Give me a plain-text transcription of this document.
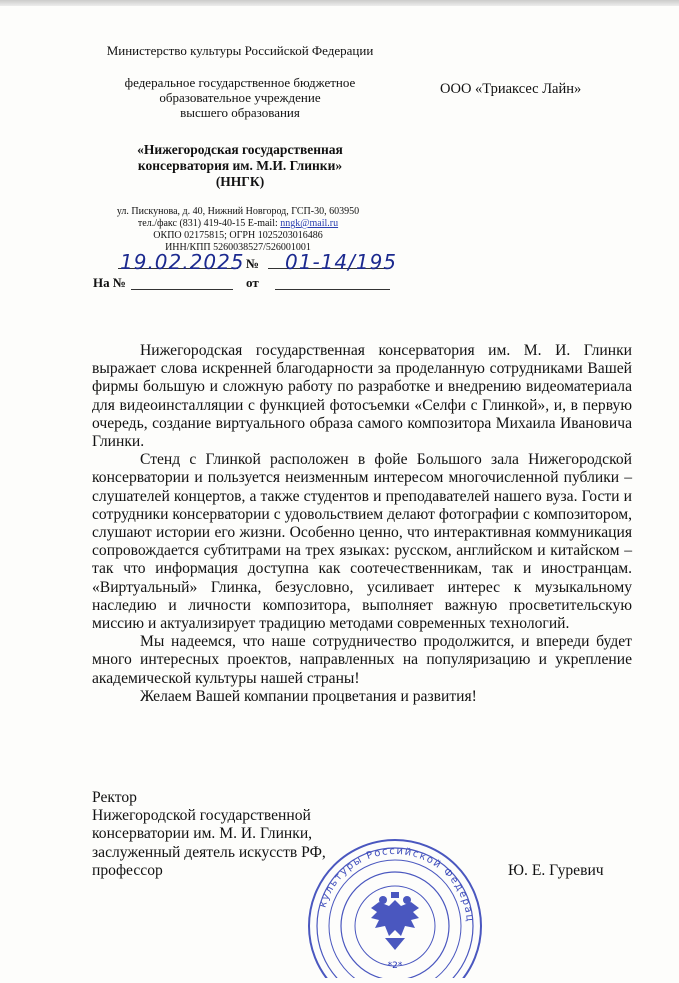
Министерство культуры Российской Федерации
федеральное государственное бюджетное
образовательное учреждение
высшего образования
«Нижегородская государственная
консерватория им. М.И. Глинки»
(ННГК)
ул. Пискунова, д. 40, Нижний Новгород, ГСП-30, 603950
тел./факс (831) 419-40-15 E-mail: nngk@mail.ru
ОКПО 02175815; ОГРН 1025203016486
ИНН/КПП 5260038527/526001001
ООО «Триаксес Лайн»
19.02.2025 № 01-14/195
На №	от

Нижегородская государственная консерватория им. М. И. Глинки выражает слова искренней благодарности за проделанную сотрудниками Вашей фирмы большую и сложную работу по разработке и внедрению видеоматериала для видеоинсталляции с функцией фотосъемки «Селфи с Глинкой», и, в первую очередь, создание виртуального образа самого композитора Михаила Ивановича Глинки.

Стенд с Глинкой расположен в фойе Большого зала Нижегородской консерватории и пользуется неизменным интересом многочисленной публики – слушателей концертов, а также студентов и преподавателей нашего вуза. Гости и сотрудники консерватории с удовольствием делают фотографии с композитором, слушают истории его жизни. Особенно ценно, что интерактивная коммуникация сопровождается субтитрами на трех языках: русском, английском и китайском – так что информация доступна как соотечественникам, так и иностранцам. «Виртуальный» Глинка, безусловно, усиливает интерес к музыкальному наследию и личности композитора, выполняет важную просветительскую миссию и актуализирует традицию методами современных технологий.

Мы надеемся, что наше сотрудничество продолжится, и впереди будет много интересных проектов, направленных на популяризацию и укрепление академической культуры нашей страны!

Желаем Вашей компании процветания и развития!

культуры Российской Федерац
*2*
Ректор
Нижегородской государственной
консерватории им. М. И. Глинки,
заслуженный деятель искусств РФ,
профессор	Ю. Е. Гуревич
